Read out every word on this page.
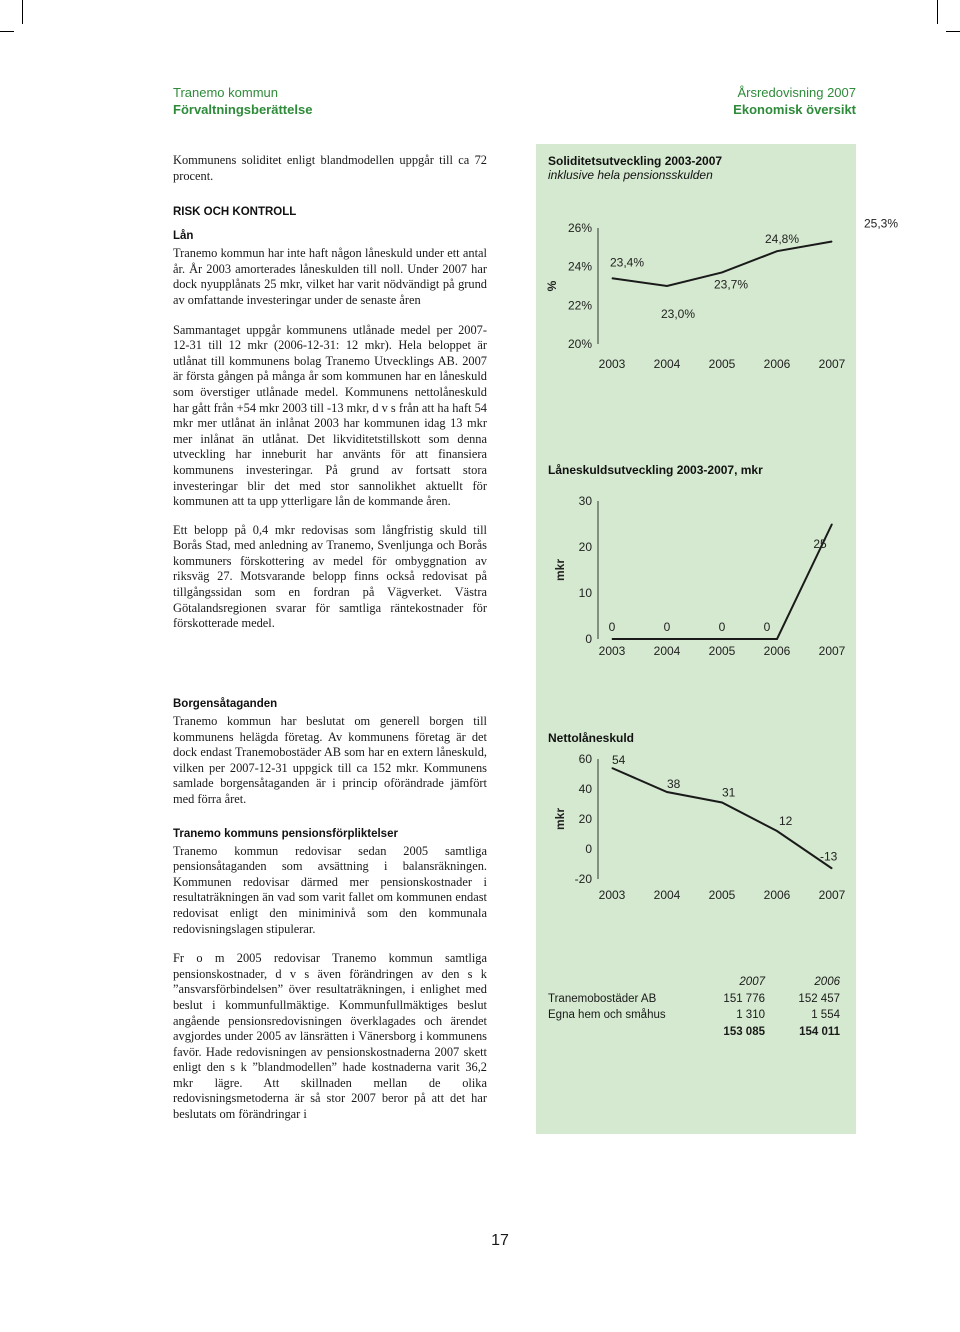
Tranemo kommun
Förvaltningsberättelse
Årsredovisning 2007
Ekonomisk översikt

Kommunens soliditet enligt blandmodellen uppgår till ca 72 procent.

RISK OCH KONTROLL

Lån

Tranemo kommun har inte haft någon låneskuld under ett antal år. År 2003 amorterades låneskulden till noll. Under 2007 har dock nyupplånats 25 mkr, vilket har varit nödvändigt på grund av omfattande investeringar under de senaste åren

Sammantaget uppgår kommunens utlånade medel per 2007-12-31 till 12 mkr (2006-12-31: 12 mkr). Hela beloppet är utlånat till kommunens bolag Tranemo Utvecklings AB. 2007 är första gången på många år som kommunen har en låneskuld som överstiger utlånade medel. Kommunens nettolåneskuld har gått från +54 mkr 2003 till -13 mkr, d v s från att ha haft 54 mkr mer utlånat än inlånat 2003 har kommunen idag 13 mkr mer inlånat än utlånat. Det likviditetstillskott som denna utveckling har inneburit har använts för att finansiera kommunens investeringar. På grund av fortsatt stora investeringar blir det med stor sannolikhet aktuellt för kommunen att ta upp ytterligare lån de kommande åren.

Ett belopp på 0,4 mkr redovisas som långfristig skuld till Borås Stad, med anledning av Tranemo, Svenljunga och Borås kommuners förskottering av medel för ombyggnation av riksväg 27. Motsvarande belopp finns också redovisat på tillgångssidan som en fordran på Vägverket. Västra Götalandsregionen svarar för samtliga räntekostnader för förskotterade medel.

Borgensåtaganden

Tranemo kommun har beslutat om generell borgen till kommunens helägda företag. Av kommunens företag är det dock endast Tranemobostäder AB som har en extern låneskuld, vilken per 2007-12-31 uppgick till ca 152 mkr. Kommunens samlade borgensåtaganden är i princip oförändrade jämfört med förra året.

Tranemo kommuns pensionsförpliktelser

Tranemo kommun redovisar sedan 2005 samtliga pensionsåtaganden som avsättning i balansräkningen. Kommunen redovisar därmed mer pensionskostnader i resultaträkningen än vad som varit fallet om kommunen endast redovisat enligt den miniminivå som den kommunala redovisningslagen stipulerar.

Fr o m 2005 redovisar Tranemo kommun samtliga pensionskostnader, d v s även förändringen av den s k ”ansvarsförbindelsen” över resultaträkningen, i enlighet med beslut i kommunfullmäktige. Kommunfullmäktiges beslut angående pensionsredovisningen överklagades och ärendet avgjordes under 2005 av länsrätten i Vänersborg i kommunens favör. Hade redovisningen av pensionskostnaderna 2007 skett enligt den s k ”blandmodellen” hade kostnaderna varit 36,2 mkr lägre. Att skillnaden mellan de olika redovisningsmetoderna är så stor 2007 beror på att det har beslutats om förändringar i

Soliditetsutveckling 2003-2007
inklusive hela pensionsskulden
20%
22%
24%
26%
%
2003 2004 2005 2006 2007
23,4%
23,0%
23,7%
24,8%
25,3%
Låneskuldsutveckling 2003-2007, mkr
0
10
20
30
mkr
2003 2004 2005 2006 2007
0	0	0	0
25
Nettolåneskuld
-20
0
20
40
60
mkr
2003 2004 2005 2006 2007
54
38
31
12
-13
	2007	2006
Tranemobostäder AB	151 776	152 457
Egna hem och småhus	1 310	1 554
	153 085	154 011
17
